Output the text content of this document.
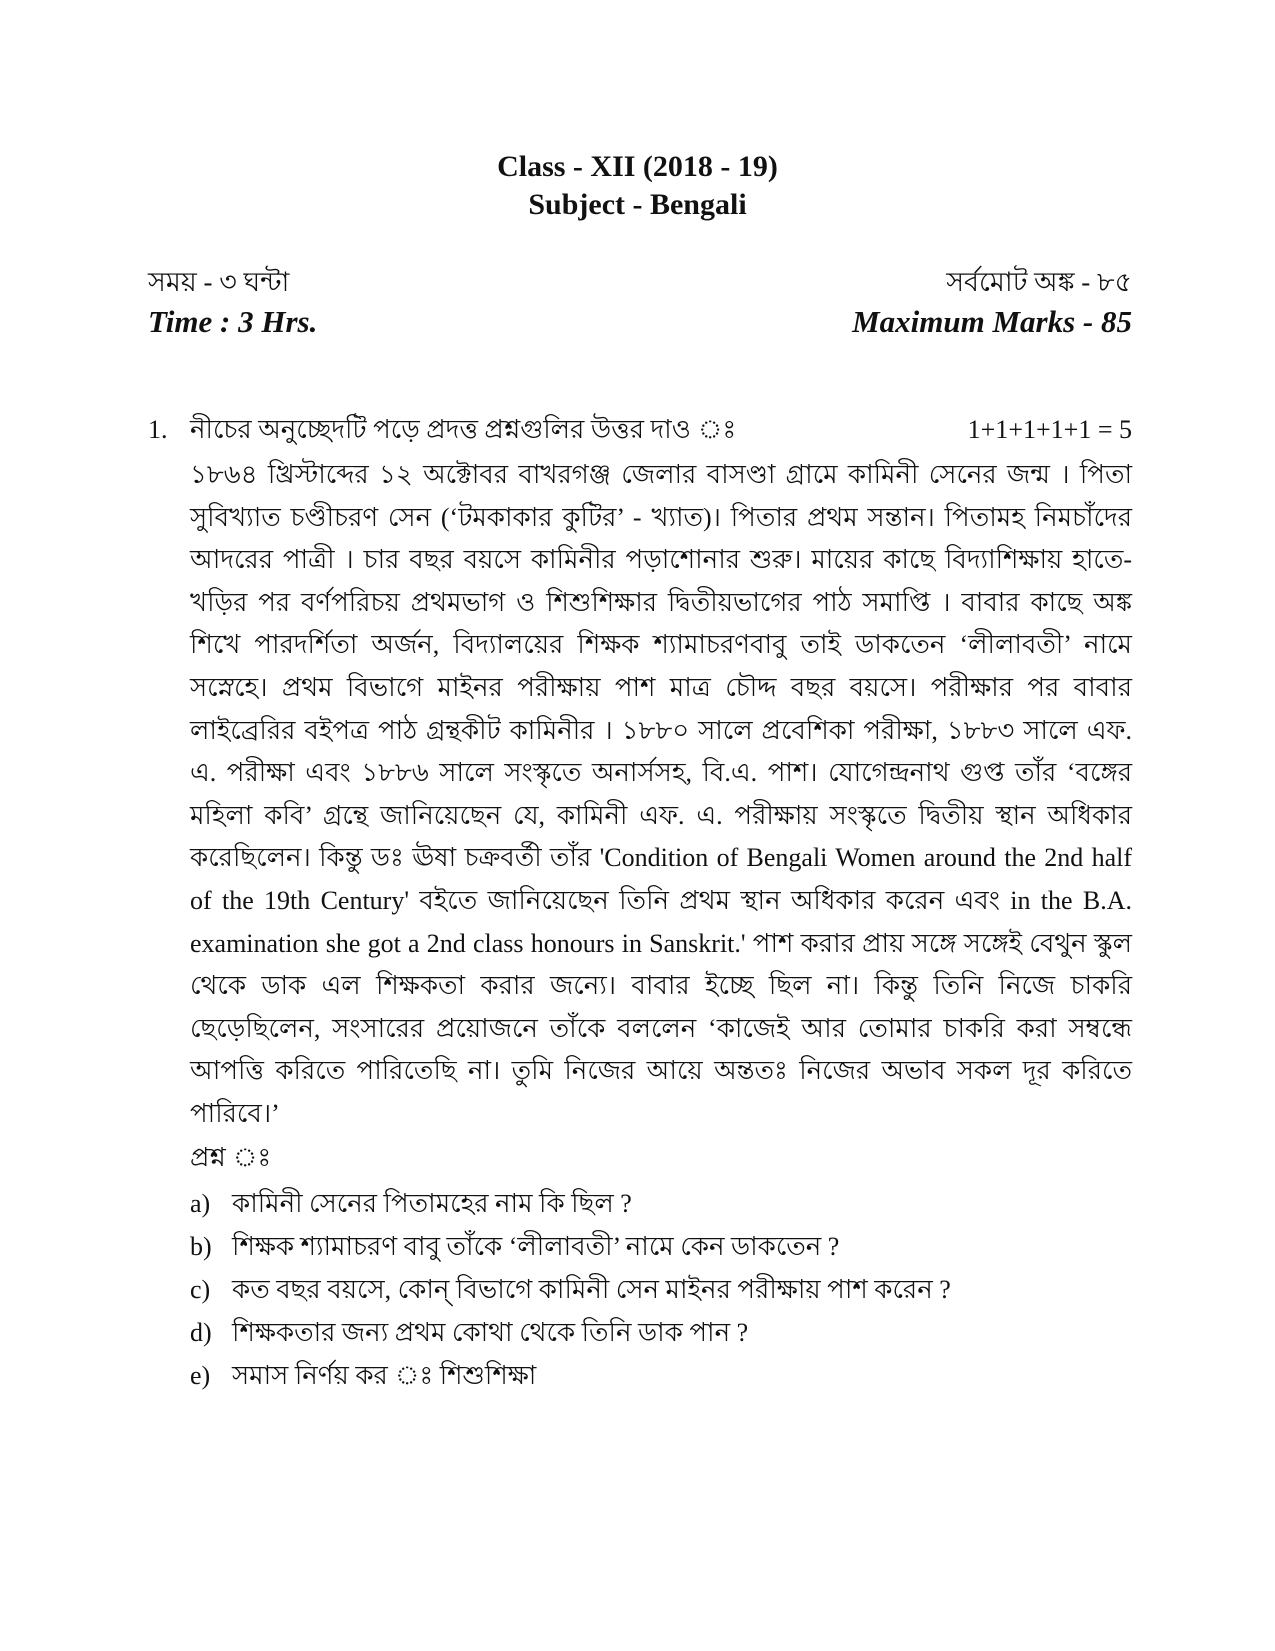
Class - XII (2018 - 19)
Subject - Bengali
সময় - ৩ ঘন্টা	সর্বমোট অঙ্ক - ৮৫
Time : 3 Hrs.	Maximum Marks - 85
1. নীচের অনুচ্ছেদটি পড়ে প্রদত্ত প্রশ্নগুলির উত্তর দাও ঃ	1+1+1+1+1 = 5
১৮৬৪ খ্রিস্টাব্দের ১২ অক্টোবর বাখরগঞ্জ জেলার বাসণ্ডা গ্রামে কামিনী সেনের জন্ম । পিতা সুবিখ্যাত চণ্ডীচরণ সেন (‘টমকাকার কুটির’ - খ্যাত)। পিতার প্রথম সন্তান। পিতামহ নিমচাঁদের আদরের পাত্রী । চার বছর বয়সে কামিনীর পড়াশোনার শুরু। মায়ের কাছে বিদ্যাশিক্ষায় হাতে-খড়ির পর বর্ণপরিচয় প্রথমভাগ ও শিশুশিক্ষার দ্বিতীয়ভাগের পাঠ সমাপ্তি । বাবার কাছে অঙ্ক শিখে পারদর্শিতা অর্জন, বিদ্যালয়ের শিক্ষক শ্যামাচরণবাবু তাই ডাকতেন ‘লীলাবতী’ নামে সস্নেহে। প্রথম বিভাগে মাইনর পরীক্ষায় পাশ মাত্র চৌদ্দ বছর বয়সে। পরীক্ষার পর বাবার লাইব্রেরির বইপত্র পাঠ গ্রন্থকীট কামিনীর । ১৮৮০ সালে প্রবেশিকা পরীক্ষা, ১৮৮৩ সালে এফ. এ. পরীক্ষা এবং ১৮৮৬ সালে সংস্কৃতে অনার্সসহ, বি.এ. পাশ। যোগেন্দ্রনাথ গুপ্ত তাঁর ‘বঙ্গের মহিলা কবি’ গ্রন্থে জানিয়েছেন যে, কামিনী এফ. এ. পরীক্ষায় সংস্কৃতে দ্বিতীয় স্থান অধিকার করেছিলেন। কিন্তু ডঃ ঊষা চক্রবর্তী তাঁর 'Condition of Bengali Women around the 2nd half of the 19th Century' বইতে জানিয়েছেন তিনি প্রথম স্থান অধিকার করেন এবং in the B.A. examination she got a 2nd class honours in Sanskrit.' পাশ করার প্রায় সঙ্গে সঙ্গেই বেথুন স্কুল থেকে ডাক এল শিক্ষকতা করার জন্যে। বাবার ইচ্ছে ছিল না। কিন্তু তিনি নিজে চাকরি ছেড়েছিলেন, সংসারের প্রয়োজনে তাঁকে বললেন ‘কাজেই আর তোমার চাকরি করা সম্বন্ধে আপত্তি করিতে পারিতেছি না। তুমি নিজের আয়ে অন্ততঃ নিজের অভাব সকল দূর করিতে পারিবে।’
প্রশ্ন ঃ
a) কামিনী সেনের পিতামহের নাম কি ছিল ?
b) শিক্ষক শ্যামাচরণ বাবু তাঁকে ‘লীলাবতী’ নামে কেন ডাকতেন ?
c) কত বছর বয়সে, কোন্ বিভাগে কামিনী সেন মাইনর পরীক্ষায় পাশ করেন ?
d) শিক্ষকতার জন্য প্রথম কোথা থেকে তিনি ডাক পান ?
e) সমাস নির্ণয় কর ঃ শিশুশিক্ষা
